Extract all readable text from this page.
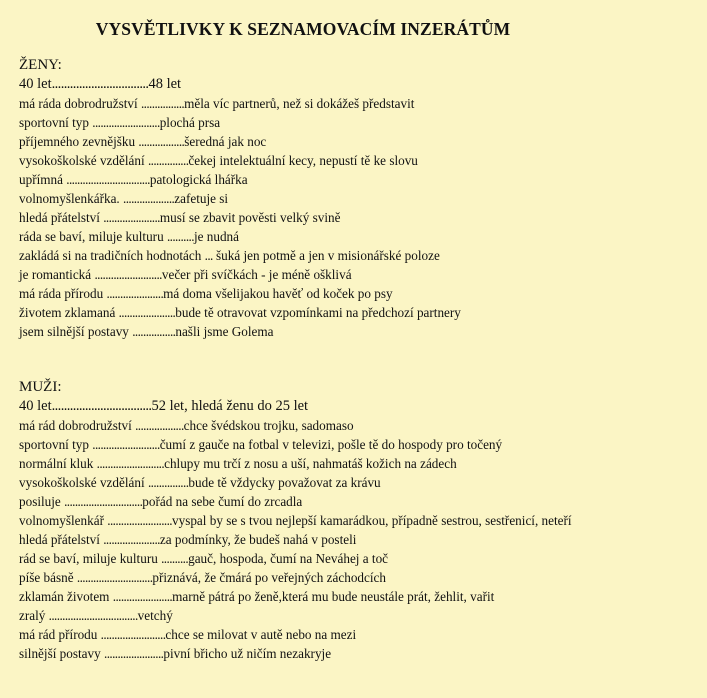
VYSVĚTLIVKY K SEZNAMOVACÍM INZERÁTŮM
ŽENY:
40 let................................48 let
má ráda dobrodružství ................měla víc partnerů, než si dokážeš představit
sportovní typ .........................plochá prsa
příjemného zevnějšku .................šeredná jak noc
vysokoškolské vzdělání ...............čekej intelektuální kecy, nepustí tě ke slovu
upřímná ...............................patologická lhářka
volnomyšlenkářka. ...................zafetuje si
hledá přátelství .....................musí se zbavit pověsti velký svině
ráda se baví, miluje kulturu ..........je nudná
zakládá si na tradičních hodnotách ... šuká jen potmě a jen v misionářské poloze
je romantická .........................večer při svíčkách - je méně ošklivá
má ráda přírodu .....................má doma všelijakou havěť od koček po psy
životem zklamaná .....................bude tě otravovat vzpomínkami na předchozí partnery
jsem silnější postavy ................našli jsme Golema
MUŽI:
40 let.................................52 let, hledá ženu do 25 let
má rád dobrodružství ..................chce švédskou trojku, sadomaso
sportovní typ .........................čumí z gauče na fotbal v televizi, pošle tě do hospody pro točený
normální kluk .........................chlupy mu trčí z nosu a uší, nahmatáš kožich na zádech
vysokoškolské vzdělání ...............bude tě vždycky považovat za krávu
posiluje .............................pořád na sebe čumí do zrcadla
volnomyšlenkář ........................vyspal by se s tvou nejlepší kamarádkou, případně sestrou, sestřenicí, neteří
hledá přátelství .....................za podmínky, že budeš nahá v posteli
rád se baví, miluje kulturu ..........gauč, hospoda, čumí na Neváhej a toč
píše básně ............................přiznává, že čmárá po veřejných záchodcích
zklamán životem ......................marně pátrá po ženě,která mu bude neustále prát, žehlit, vařit
zralý .................................vetchý
má rád přírodu ........................chce se milovat v autě nebo na mezi
silnější postavy ......................pivní břicho už ničím nezakryje
